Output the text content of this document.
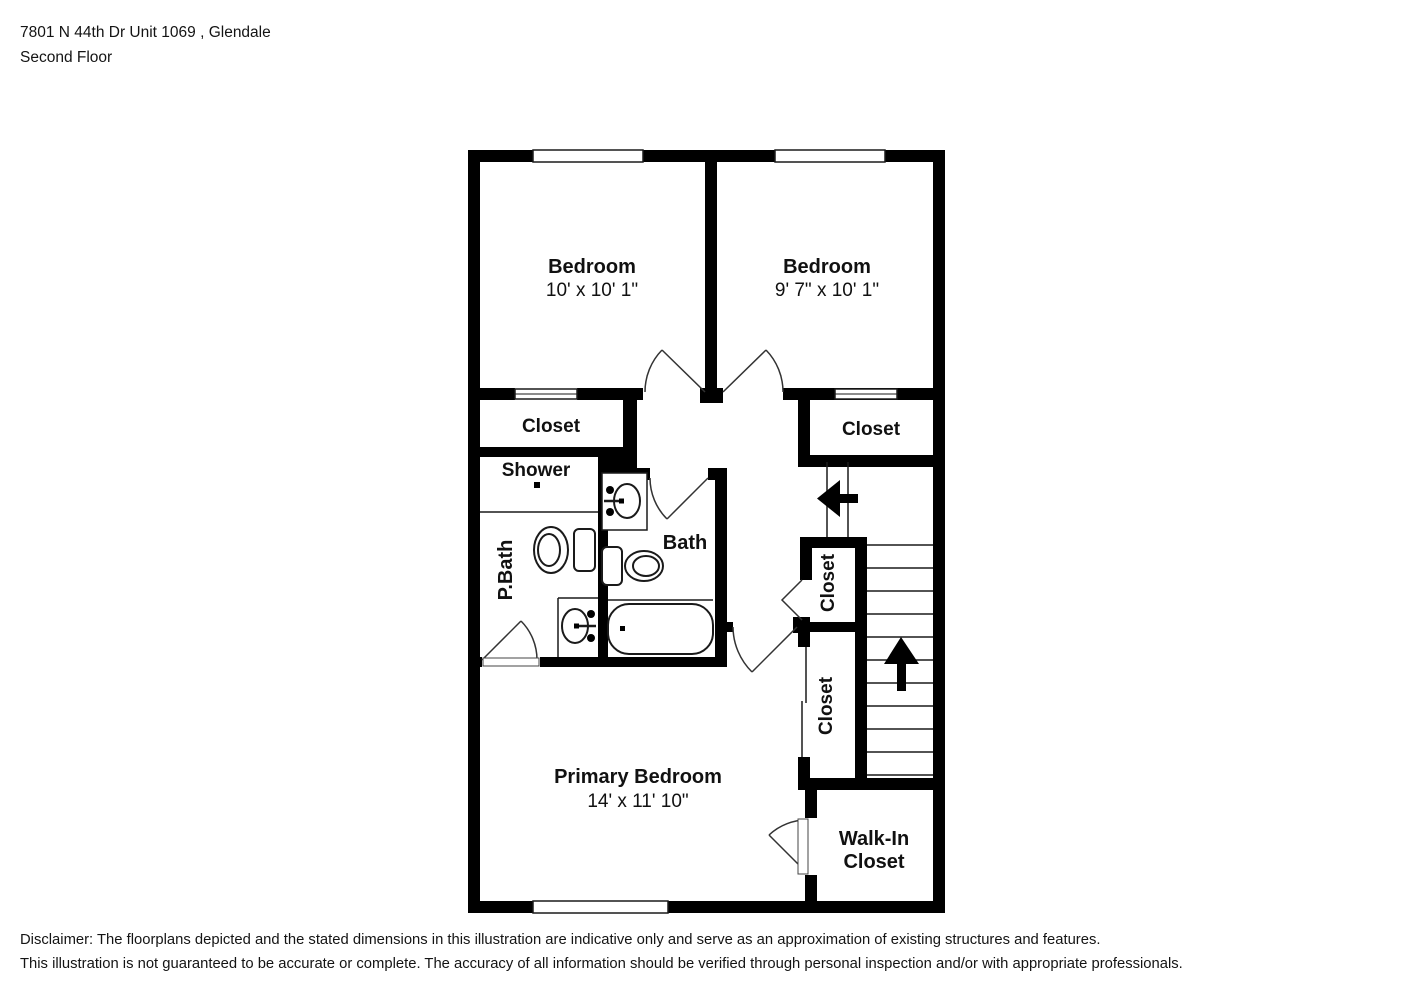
7801 N 44th Dr Unit 1069 , Glendale
Second Floor
Bedroom
10' x 10' 1"
Bedroom
9' 7" x 10' 1"
Closet	Closet
Shower
P.Bath	Bath
Closet
Closet
Primary Bedroom
14' x 11' 10"
Walk-In
Closet
Disclaimer: The floorplans depicted and the stated dimensions in this illustration are indicative only and serve as an approximation of existing structures and features.
This illustration is not guaranteed to be accurate or complete. The accuracy of all information should be verified through personal inspection and/or with appropriate professionals.
